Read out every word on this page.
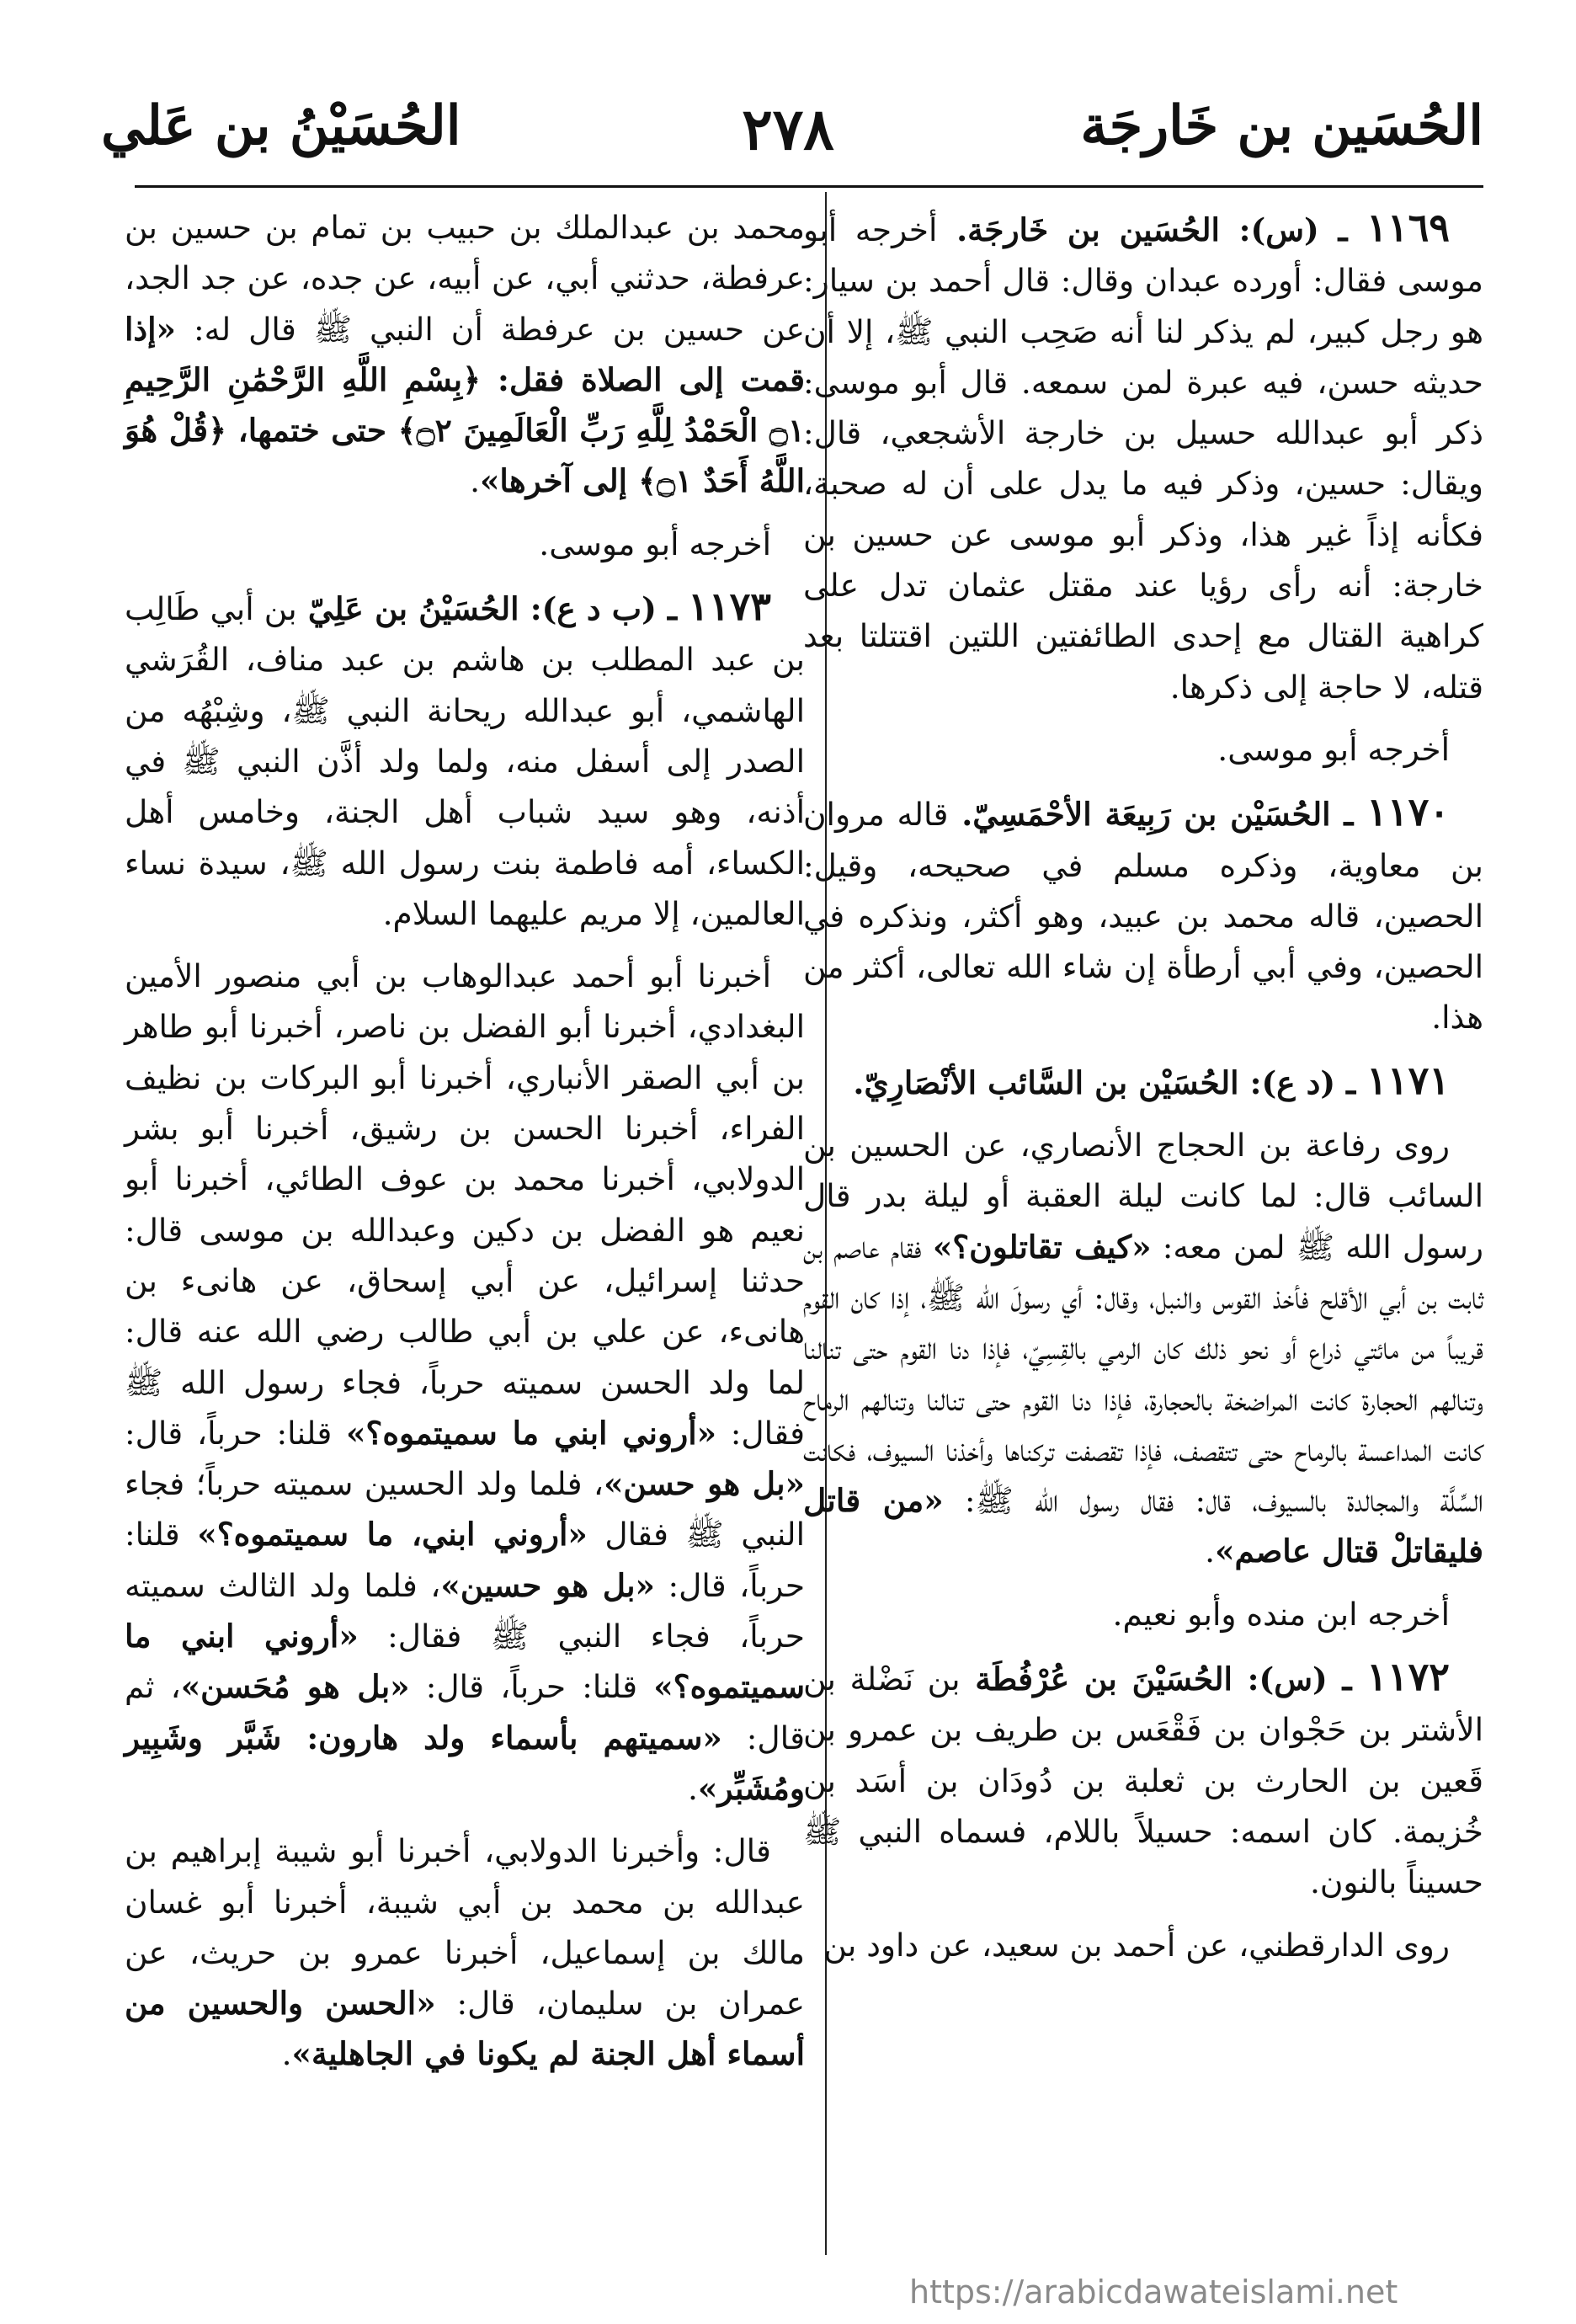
الحُسَين بن خَارجَة
٢٧٨
الحُسَيْنُ بن عَلي

١١٦٩ ـ (س): الحُسَين بن خَارجَة. أخرجه أبو موسى فقال: أورده عبدان وقال: قال أحمد بن سيار: هو رجل كبير، لم يذكر لنا أنه صَحِب النبي ﷺ، إلا أن حديثه حسن، فيه عبرة لمن سمعه. قال أبو موسى: ذكر أبو عبدالله حسيل بن خارجة الأشجعي، قال: ويقال: حسين، وذكر فيه ما يدل على أن له صحبة، فكأنه إذاً غير هذا، وذكر أبو موسى عن حسين بن خارجة: أنه رأى رؤيا عند مقتل عثمان تدل على كراهية القتال مع إحدى الطائفتين اللتين اقتتلتا بعد قتله، لا حاجة إلى ذكرها.

أخرجه أبو موسى.

١١٧٠ ـ الحُسَيْن بن رَبِيعَة الأحْمَسِيّ. قاله مروان بن معاوية، وذكره مسلم في صحيحه، وقيل: الحصين، قاله محمد بن عبيد، وهو أكثر، ونذكره في الحصين، وفي أبي أرطأة إن شاء الله تعالى، أكثر من هذا.

١١٧١ ـ (د ع): الحُسَيْن بن السَّائب الأنْصَارِيّ.

روى رفاعة بن الحجاج الأنصاري، عن الحسين بن السائب قال: لما كانت ليلة العقبة أو ليلة بدر قال رسول الله ﷺ لمن معه: «كيف تقاتلون؟» فقام عاصم بن ثابت بن أبي الأقلح فأخذ القوس والنبل، وقال: أي رسولَ الله ﷺ، إذا كان القوم قريباً من مائتي ذراع أو نحو ذلك كان الرمي بالقِسِيّ، فإذا دنا القوم حتى تنالنا وتنالهم الحجارة كانت المراضخة بالحجارة، فإذا دنا القوم حتى تنالنا وتنالهم الرماح كانت المداعسة بالرماح حتى تتقصف، فإذا تقصفت تركناها وأخذنا السيوف، فكانت السِّلَّة والمجالدة بالسيوف، قال: فقال رسول الله ﷺ: «من قاتل فليقاتلْ قتال عاصم».

أخرجه ابن منده وأبو نعيم.

١١٧٢ ـ (س): الحُسَيْنَ بن عُرْفُطَة بن نَضْلة بن الأشتر بن حَجْوان بن فَقْعَس بن طريف بن عمرو بن قَعين بن الحارث بن ثعلبة بن دُودَان بن أسَد بن خُزيمة. كان اسمه: حسيلاً باللام، فسماه النبي ﷺ حسيناً بالنون.

روى الدارقطني، عن أحمد بن سعيد، عن داود بن

محمد بن عبدالملك بن حبيب بن تمام بن حسين بن عرفطة، حدثني أبي، عن أبيه، عن جده، عن جد الجد، عن حسين بن عرفطة أن النبي ﷺ قال له: «إذا قمت إلى الصلاة فقل: ﴿بِسْمِ اللَّهِ الرَّحْمَٰنِ الرَّحِيمِ ۝١ الْحَمْدُ لِلَّهِ رَبِّ الْعَالَمِينَ ۝٢﴾ حتى ختمها، ﴿قُلْ هُوَ اللَّهُ أَحَدٌ ۝١﴾ إلى آخرها».

أخرجه أبو موسى.

١١٧٣ ـ (ب د ع): الحُسَيْنُ بن عَلِيّ بن أبي طَالِب بن عبد المطلب بن هاشم بن عبد مناف، القُرَشي الهاشمي، أبو عبدالله ريحانة النبي ﷺ، وشِبْهُه من الصدر إلى أسفل منه، ولما ولد أذَّن النبي ﷺ في أذنه، وهو سيد شباب أهل الجنة، وخامس أهل الكساء، أمه فاطمة بنت رسول الله ﷺ، سيدة نساء العالمين، إلا مريم عليهما السلام.

أخبرنا أبو أحمد عبدالوهاب بن أبي منصور الأمين البغدادي، أخبرنا أبو الفضل بن ناصر، أخبرنا أبو طاهر بن أبي الصقر الأنباري، أخبرنا أبو البركات بن نظيف الفراء، أخبرنا الحسن بن رشيق، أخبرنا أبو بشر الدولابي، أخبرنا محمد بن عوف الطائي، أخبرنا أبو نعيم هو الفضل بن دكين وعبدالله بن موسى قال: حدثنا إسرائيل، عن أبي إسحاق، عن هانىء بن هانىء، عن علي بن أبي طالب رضي الله عنه قال: لما ولد الحسن سميته حرباً، فجاء رسول الله ﷺ فقال: «أروني ابني ما سميتموه؟» قلنا: حرباً، قال: «بل هو حسن»، فلما ولد الحسين سميته حرباً؛ فجاء النبي ﷺ فقال «أروني ابني، ما سميتموه؟» قلنا: حرباً، قال: «بل هو حسين»، فلما ولد الثالث سميته حرباً، فجاء النبي ﷺ فقال: «أروني ابني ما سميتموه؟» قلنا: حرباً، قال: «بل هو مُحَسن»، ثم قال: «سميتهم بأسماء ولد هارون: شَبَّر وشَبِير ومُشَبِّر».

قال: وأخبرنا الدولابي، أخبرنا أبو شيبة إبراهيم بن عبدالله بن محمد بن أبي شيبة، أخبرنا أبو غسان مالك بن إسماعيل، أخبرنا عمرو بن حريث، عن عمران بن سليمان، قال: «الحسن والحسين من أسماء أهل الجنة لم يكونا في الجاهلية».

https://arabicdawateislami.net
